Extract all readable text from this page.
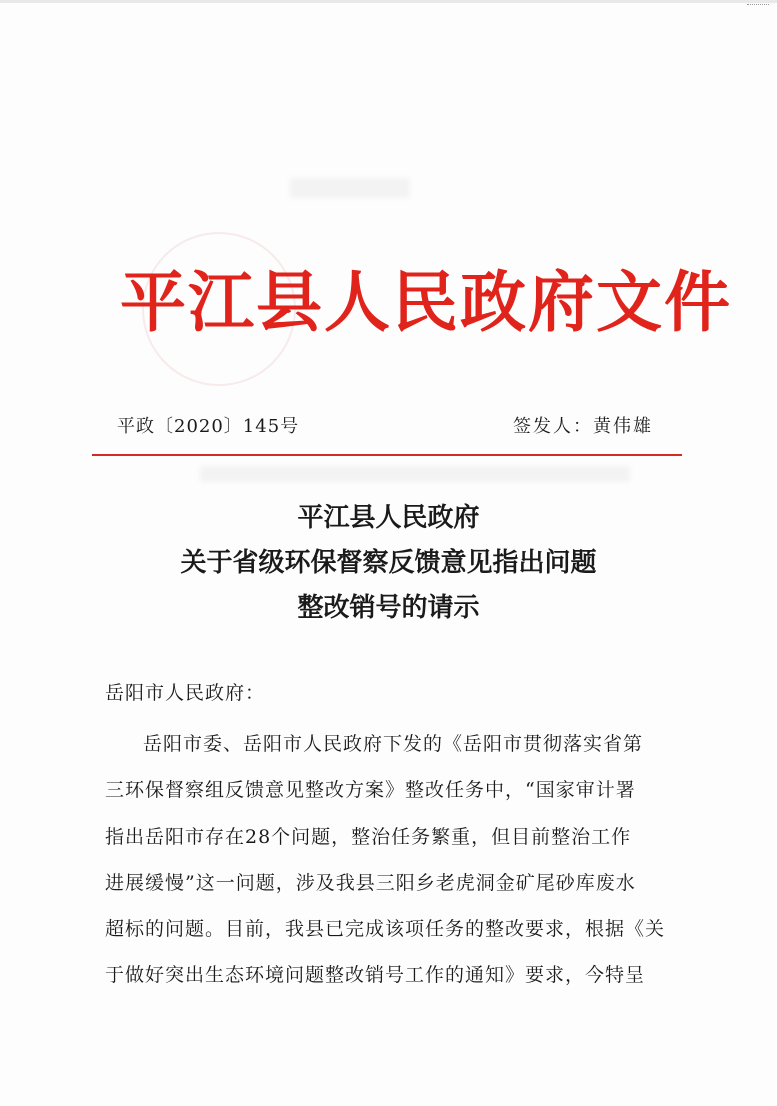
平江县人民政府文件
平政〔2020〕145号	签发人：黄伟雄
平江县人民政府
关于省级环保督察反馈意见指出问题
整改销号的请示
岳阳市人民政府：
岳阳市委、岳阳市人民政府下发的《岳阳市贯彻落实省第
三环保督察组反馈意见整改方案》整改任务中，“国家审计署
指出岳阳市存在28个问题，整治任务繁重，但目前整治工作
进展缓慢”这一问题，涉及我县三阳乡老虎洞金矿尾砂库废水
超标的问题。目前，我县已完成该项任务的整改要求，根据《关
于做好突出生态环境问题整改销号工作的通知》要求，今特呈
